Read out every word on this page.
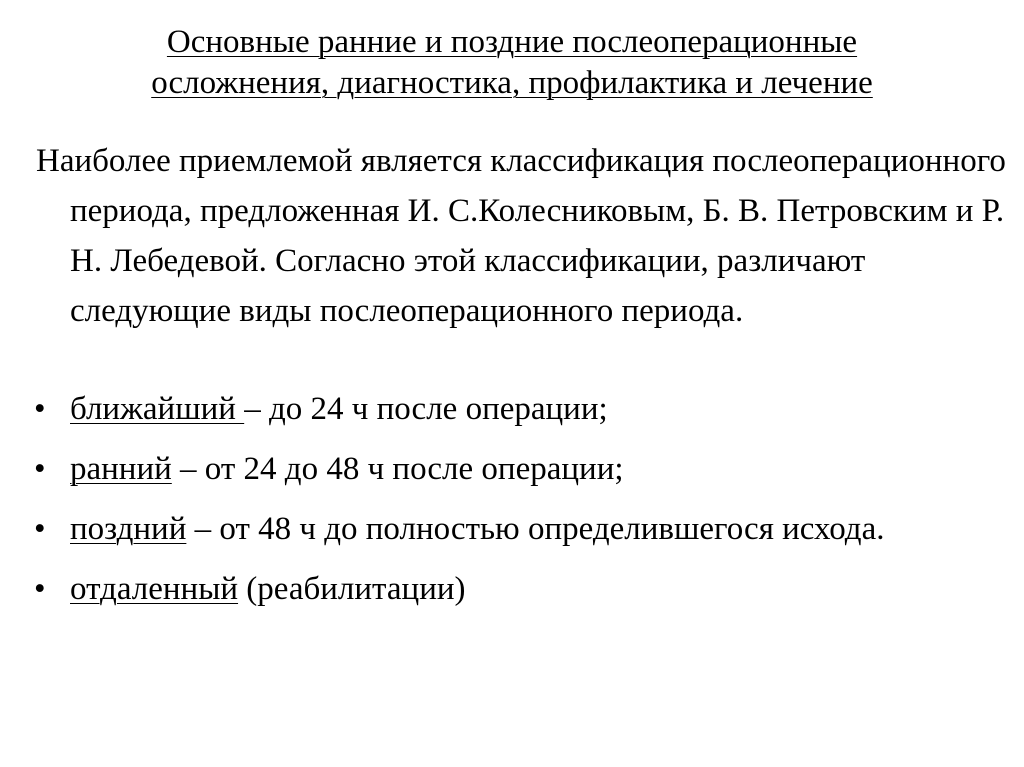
Основные ранние и поздние послеоперационные
осложнения, диагностика, профилактика и лечение

Наиболее приемлемой является классификация послеоперационного периода, предложенная И. С.Колесниковым, Б. В. Петровским и Р. Н. Лебедевой. Согласно этой классификации, различают следующие виды послеоперационного периода.

• ближайший – до 24 ч после операции;
• ранний – от 24 до 48 ч после операции;
• поздний – от 48 ч до полностью определившегося исхода.
• отдаленный (реабилитации)
